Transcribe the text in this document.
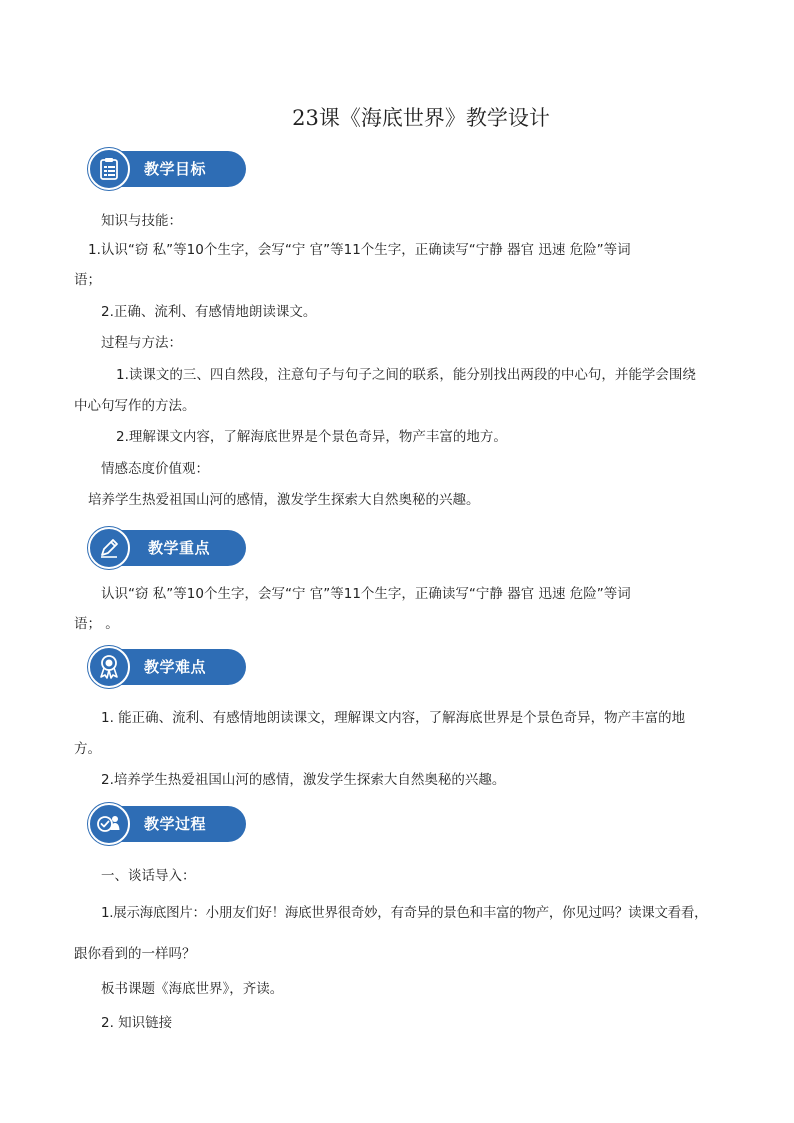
23课《海底世界》教学设计
教学目标
知识与技能：
1.认识“窃 私”等10个生字，会写“宁 官”等11个生字，正确读写“宁静 器官 迅速 危险”等词
语；
2.正确、流利、有感情地朗读课文。
过程与方法：
1.读课文的三、四自然段，注意句子与句子之间的联系，能分别找出两段的中心句，并能学会围绕
中心句写作的方法。
2.理解课文内容，了解海底世界是个景色奇异，物产丰富的地方。
情感态度价值观：
培养学生热爱祖国山河的感情，激发学生探索大自然奥秘的兴趣。
教学重点
认识“窃 私”等10个生字，会写“宁 官”等11个生字，正确读写“宁静 器官 迅速 危险”等词
语； 。
教学难点
1. 能正确、流利、有感情地朗读课文，理解课文内容，了解海底世界是个景色奇异，物产丰富的地
方。
2.培养学生热爱祖国山河的感情，激发学生探索大自然奥秘的兴趣。
教学过程
一、谈话导入：
1.展示海底图片：小朋友们好！海底世界很奇妙，有奇异的景色和丰富的物产，你见过吗？读课文看看，
跟你看到的一样吗？
板书课题《海底世界》，齐读。
2. 知识链接
